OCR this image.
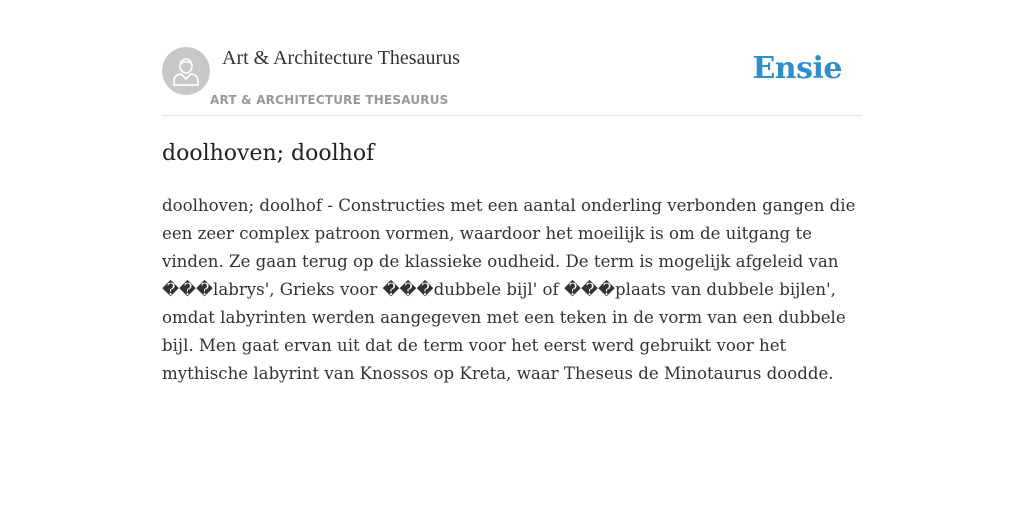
Art & Architecture Thesaurus
ART & ARCHITECTURE THESAURUS
Ensie
doolhoven; doolhof

doolhoven; doolhof - Constructies met een aantal onderling verbonden gangen die een zeer complex patroon vormen, waardoor het moeilijk is om de uitgang te vinden. Ze gaan terug op de klassieke oudheid. De term is mogelijk afgeleid van ���labrys', Grieks voor ���dubbele bijl' of ���plaats van dubbele bijlen', omdat labyrinten werden aangegeven met een teken in de vorm van een dubbele bijl. Men gaat ervan uit dat de term voor het eerst werd gebruikt voor het mythische labyrint van Knossos op Kreta, waar Theseus de Minotaurus doodde.
